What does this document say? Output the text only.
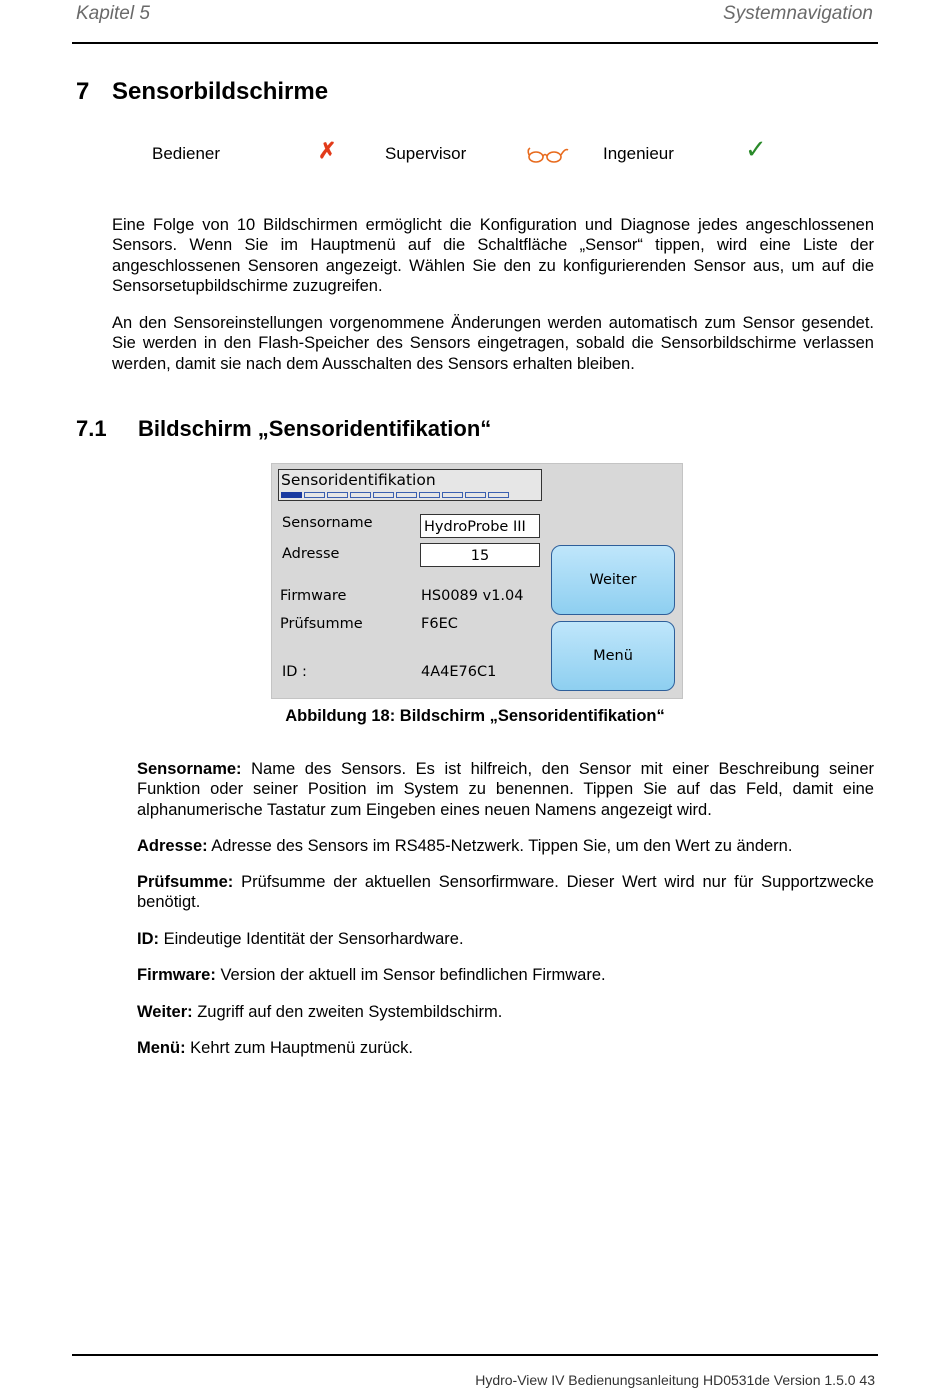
Kapitel 5	Systemnavigation
7 Sensorbildschirme
Bediener	✗	Supervisor	Ingenieur	✓

Eine Folge von 10 Bildschirmen ermöglicht die Konfiguration und Diagnose jedes angeschlossenen Sensors. Wenn Sie im Hauptmenü auf die Schaltfläche „Sensor“ tippen, wird eine Liste der angeschlossenen Sensoren angezeigt. Wählen Sie den zu konfigurierenden Sensor aus, um auf die Sensorsetupbildschirme zuzugreifen.

An den Sensoreinstellungen vorgenommene Änderungen werden automatisch zum Sensor gesendet. Sie werden in den Flash-Speicher des Sensors eingetragen, sobald die Sensorbildschirme verlassen werden, damit sie nach dem Ausschalten des Sensors erhalten bleiben.

7.1 Bildschirm „Sensoridentifikation“
Sensoridentifikation
Sensorname	HydroProbe III
Adresse	15
Firmware	HS0089 v1.04
Prüfsumme	F6EC
ID :	4A4E76C1
Weiter
Menü
Abbildung 18: Bildschirm „Sensoridentifikation“

Sensorname: Name des Sensors. Es ist hilfreich, den Sensor mit einer Beschreibung seiner Funktion oder seiner Position im System zu benennen. Tippen Sie auf das Feld, damit eine alphanumerische Tastatur zum Eingeben eines neuen Namens angezeigt wird.

Adresse: Adresse des Sensors im RS485-Netzwerk. Tippen Sie, um den Wert zu ändern.

Prüfsumme: Prüfsumme der aktuellen Sensorfirmware. Dieser Wert wird nur für Supportzwecke benötigt.

ID: Eindeutige Identität der Sensorhardware.

Firmware: Version der aktuell im Sensor befindlichen Firmware.

Weiter: Zugriff auf den zweiten Systembildschirm.

Menü: Kehrt zum Hauptmenü zurück.

Hydro-View IV Bedienungsanleitung HD0531de Version 1.5.0 43
